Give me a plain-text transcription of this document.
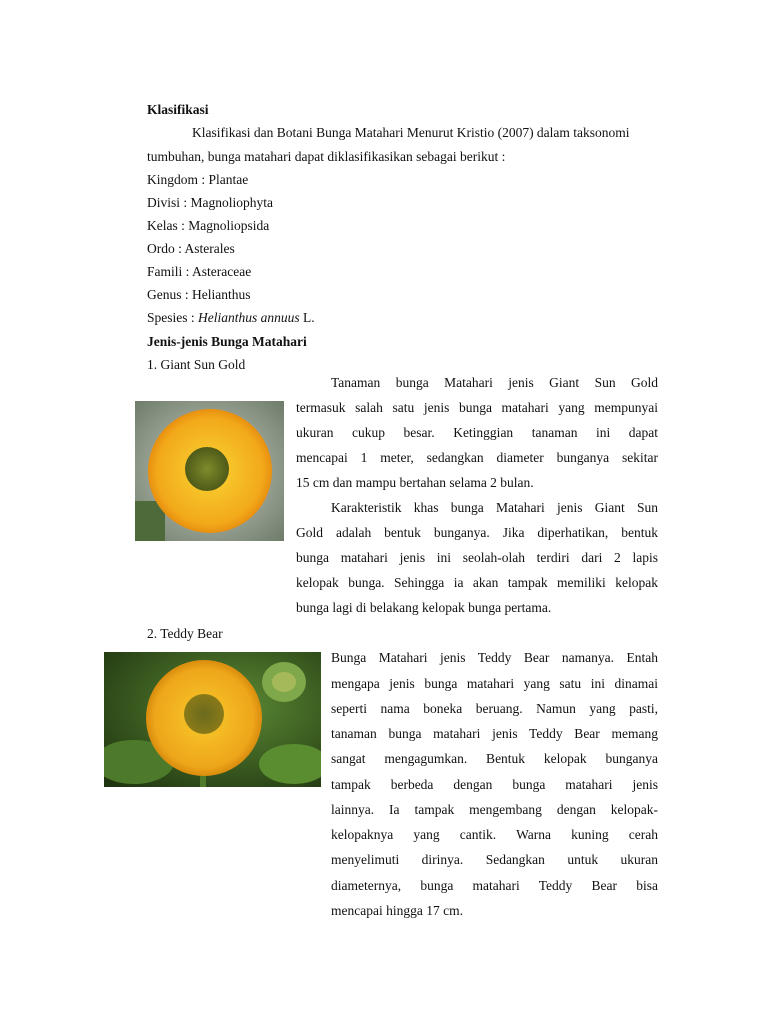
Klasifikasi
Klasifikasi dan Botani Bunga Matahari Menurut Kristio (2007) dalam taksonomi
tumbuhan, bunga matahari dapat diklasifikasikan sebagai berikut :
Kingdom : Plantae
Divisi : Magnoliophyta
Kelas : Magnoliopsida
Ordo : Asterales
Famili : Asteraceae
Genus : Helianthus
Spesies : Helianthus annuus L.
Jenis-jenis Bunga Matahari
1. Giant Sun Gold
Tanaman bunga Matahari jenis Giant Sun Gold
termasuk salah satu jenis bunga matahari yang mempunyai
ukuran cukup besar. Ketinggian tanaman ini dapat
mencapai 1 meter, sedangkan diameter bunganya sekitar
15 cm dan mampu bertahan selama 2 bulan.
Karakteristik khas bunga Matahari jenis Giant Sun
Gold adalah bentuk bunganya. Jika diperhatikan, bentuk
bunga matahari jenis ini seolah-olah terdiri dari 2 lapis
kelopak bunga. Sehingga ia akan tampak memiliki kelopak
bunga lagi di belakang kelopak bunga pertama.
2. Teddy Bear
Bunga Matahari jenis Teddy Bear namanya. Entah
mengapa jenis bunga matahari yang satu ini dinamai
seperti nama boneka beruang. Namun yang pasti,
tanaman bunga matahari jenis Teddy Bear memang
sangat mengagumkan. Bentuk kelopak bunganya
tampak berbeda dengan bunga matahari jenis
lainnya. Ia tampak mengembang dengan kelopak-
kelopaknya yang cantik. Warna kuning cerah
menyelimuti dirinya. Sedangkan untuk ukuran
diameternya, bunga matahari Teddy Bear bisa
mencapai hingga 17 cm.
